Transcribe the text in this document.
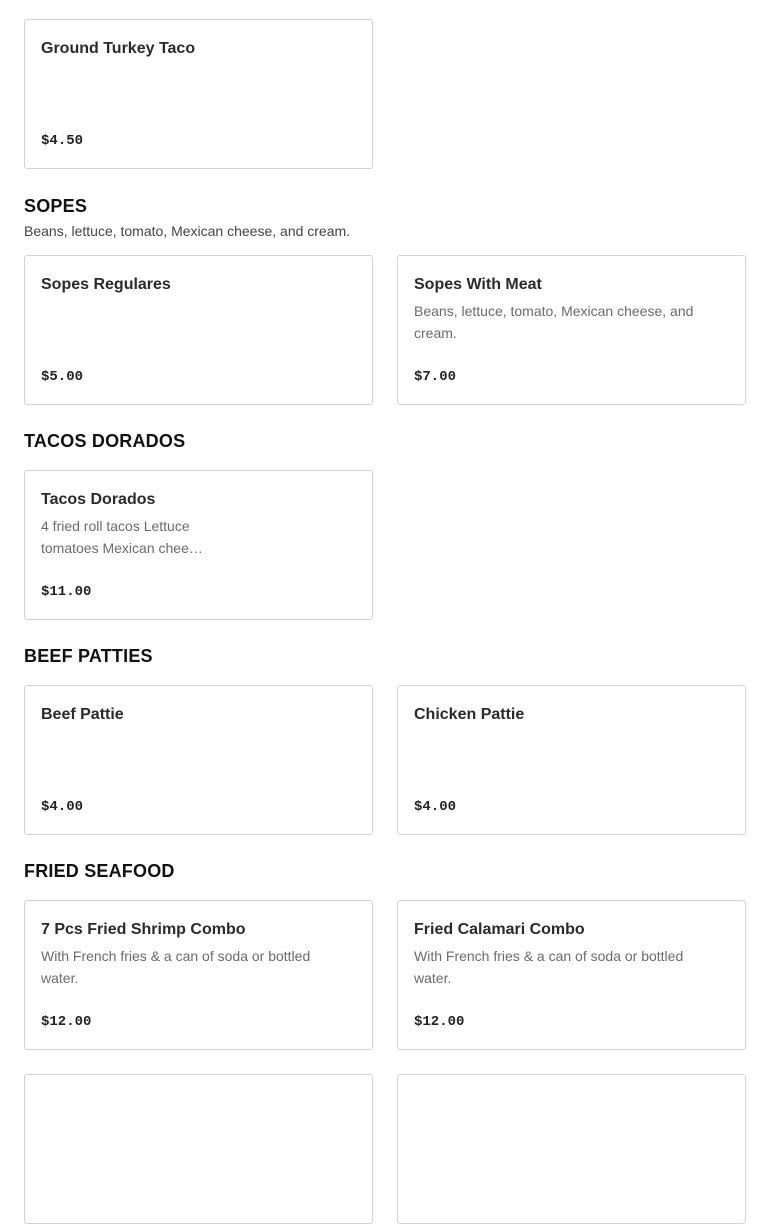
Ground Turkey Taco

$4.50
SOPES

Beans, lettuce, tomato, Mexican cheese, and cream.

Sopes Regulares

$5.00

Sopes With Meat

Beans, lettuce, tomato, Mexican cheese, and cream.

$7.00
TACOS DORADOS

Tacos Dorados

4 fried roll tacos Lettuce tomatoes Mexican chee…

$11.00
BEEF PATTIES

Beef Pattie

$4.00

Chicken Pattie

$4.00
FRIED SEAFOOD

7 Pcs Fried Shrimp Combo

With French fries & a can of soda or bottled water.

$12.00

Fried Calamari Combo

With French fries & a can of soda or bottled water.

$12.00
